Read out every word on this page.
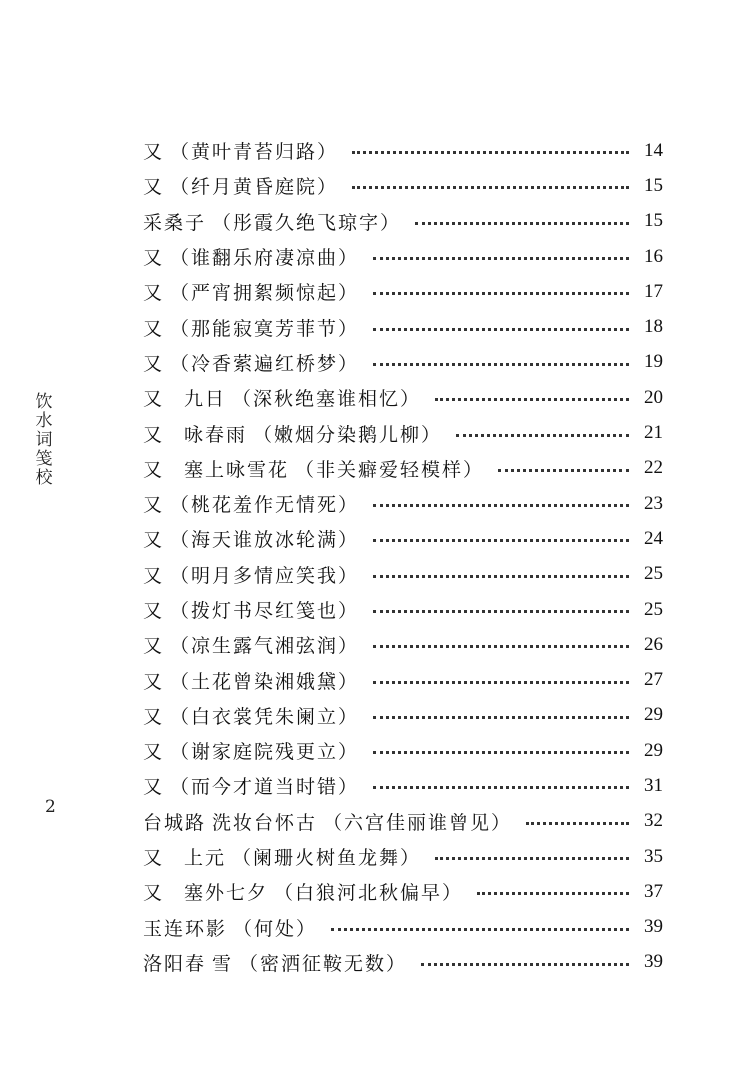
饮水词笺校
又 （黄叶青苔归路）	14
又 （纤月黄昏庭院）	15
采桑子 （彤霞久绝飞琼字）	15
又 （谁翻乐府凄凉曲）	16
又 （严宵拥絮频惊起）	17
又 （那能寂寞芳菲节）	18
又 （冷香萦遍红桥梦）	19
又 九日 （深秋绝塞谁相忆）	20
又 咏春雨 （嫩烟分染鹅儿柳）	21
又 塞上咏雪花 （非关癖爱轻模样）	22
又 （桃花羞作无情死）	23
又 （海天谁放冰轮满）	24
又 （明月多情应笑我）	25
又 （拨灯书尽红笺也）	25
又 （凉生露气湘弦润）	26
又 （土花曾染湘娥黛）	27
又 （白衣裳凭朱阑立）	29
又 （谢家庭院残更立）	29
又 （而今才道当时错）	31
台城路 洗妆台怀古 （六宫佳丽谁曾见）	32
又 上元 （阑珊火树鱼龙舞）	35
又 塞外七夕 （白狼河北秋偏早）	37
玉连环影 （何处）	39
洛阳春 雪 （密洒征鞍无数）	39
2
